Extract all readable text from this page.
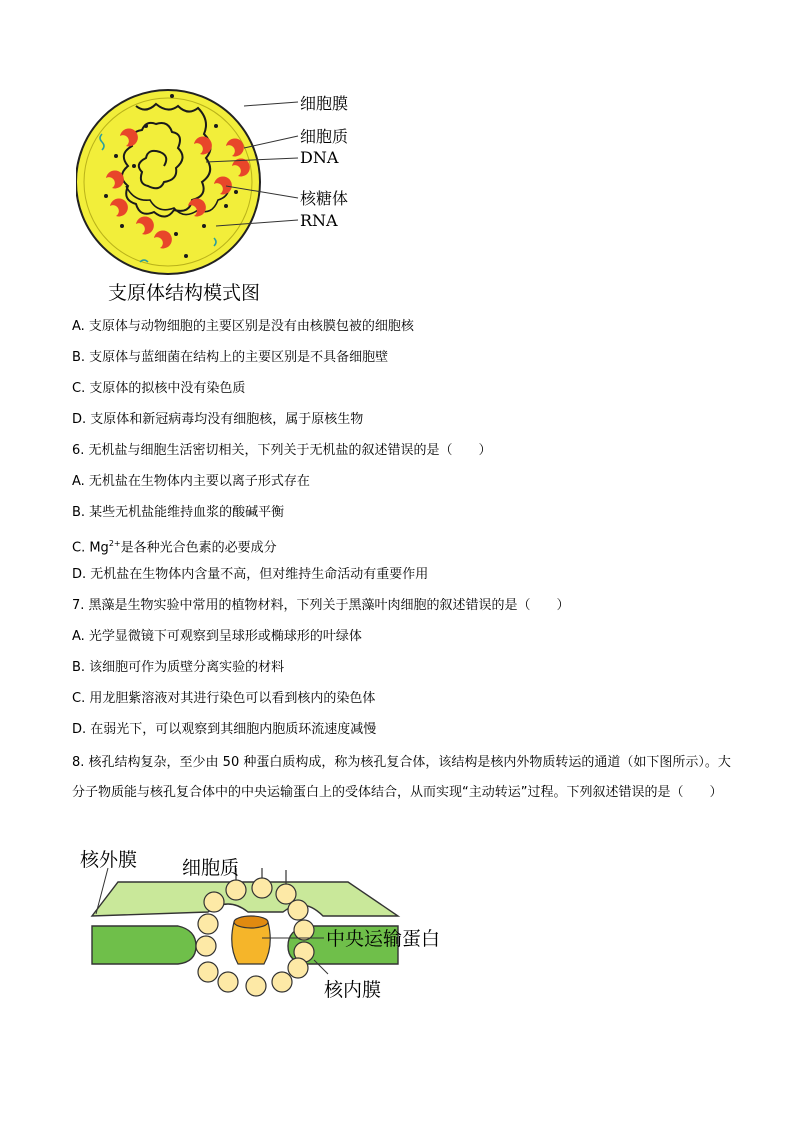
细胞膜
细胞质
DNA
核糖体
RNA
支原体结构模式图
A. 支原体与动物细胞的主要区别是没有由核膜包被的细胞核
B. 支原体与蓝细菌在结构上的主要区别是不具备细胞壁
C. 支原体的拟核中没有染色质
D. 支原体和新冠病毒均没有细胞核，属于原核生物
6. 无机盐与细胞生活密切相关，下列关于无机盐的叙述错误的是（　　）
A. 无机盐在生物体内主要以离子形式存在
B. 某些无机盐能维持血浆的酸碱平衡
C. $Mg^{2+}$是各种光合色素的必要成分
D. 无机盐在生物体内含量不高，但对维持生命活动有重要作用
7. 黑藻是生物实验中常用的植物材料，下列关于黑藻叶肉细胞的叙述错误的是（　　）
A. 光学显微镜下可观察到呈球形或椭球形的叶绿体
B. 该细胞可作为质壁分离实验的材料
C. 用龙胆紫溶液对其进行染色可以看到核内的染色体
D. 在弱光下，可以观察到其细胞内胞质环流速度减慢
8. 核孔结构复杂，至少由 50 种蛋白质构成，称为核孔复合体，该结构是核内外物质转运的通道（如下图所示）。大分子物质能与核孔复合体中的中央运输蛋白上的受体结合，从而实现“主动转运”过程。下列叙述错误的是（　　）
核外膜 细胞质
中央运输蛋白
核内膜
